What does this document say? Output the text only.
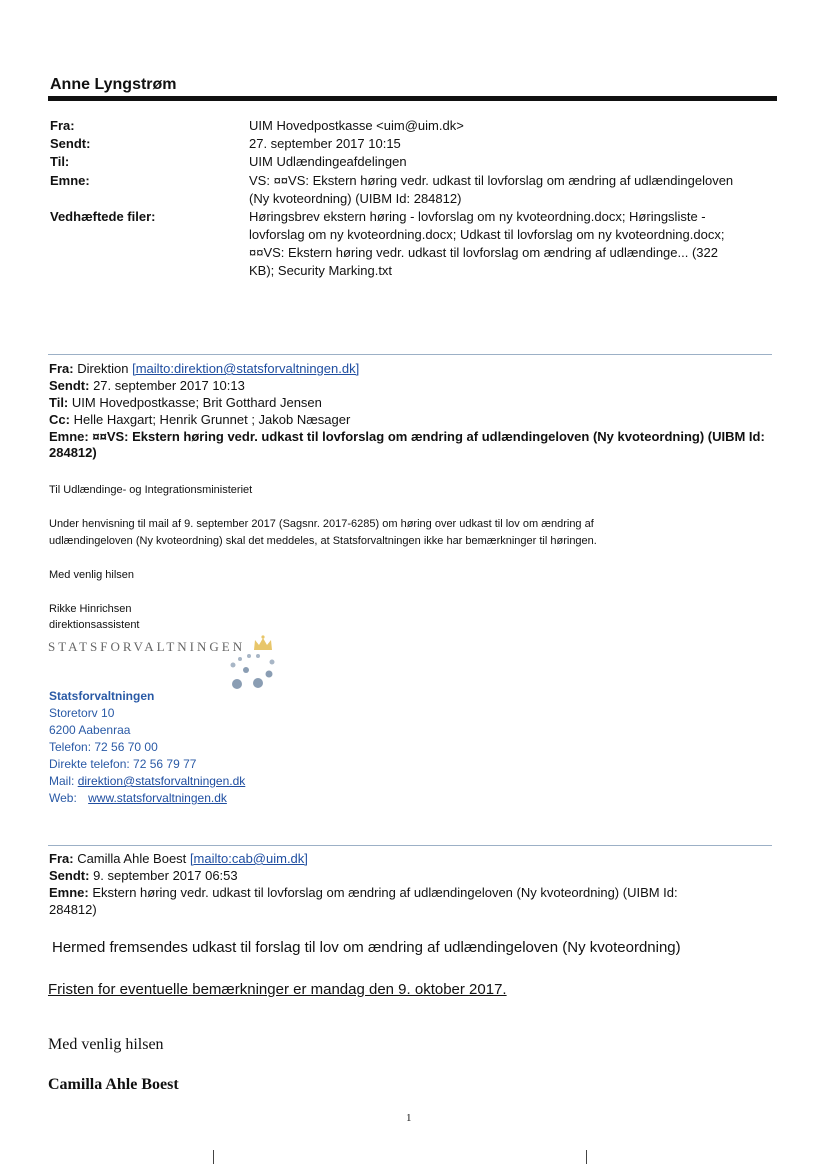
Anne Lyngstrøm
Fra:	UIM Hovedpostkasse <uim@uim.dk>
Sendt:	27. september 2017 10:15
Til:	UIM Udlændingeafdelingen
Emne:	VS: ¤¤VS: Ekstern høring vedr. udkast til lovforslag om ændring af udlændingeloven
(Ny kvoteordning) (UIBM Id: 284812)
Vedhæftede filer:	Høringsbrev ekstern høring - lovforslag om ny kvoteordning.docx; Høringsliste -
lovforslag om ny kvoteordning.docx; Udkast til lovforslag om ny kvoteordning.docx;
¤¤VS: Ekstern høring vedr. udkast til lovforslag om ændring af udlændinge... (322
KB); Security Marking.txt
Fra: Direktion [mailto:direktion@statsforvaltningen.dk]
Sendt: 27. september 2017 10:13
Til: UIM Hovedpostkasse; Brit Gotthard Jensen
Cc: Helle Haxgart; Henrik Grunnet ; Jakob Næsager
Emne: ¤¤VS: Ekstern høring vedr. udkast til lovforslag om ændring af udlændingeloven (Ny kvoteordning) (UIBM Id:
284812)
Til Udlændinge- og Integrationsministeriet
Under henvisning til mail af 9. september 2017 (Sagsnr. 2017-6285) om høring over udkast til lov om ændring af
udlændingeloven (Ny kvoteordning) skal det meddeles, at Statsforvaltningen ikke har bemærkninger til høringen.
Med venlig hilsen
Rikke Hinrichsen
direktionsassistent
STATSFORVALTNINGEN
Statsforvaltningen
Storetorv 10
6200 Aabenraa
Telefon: 72 56 70 00
Direkte telefon: 72 56 79 77
Mail: direktion@statsforvaltningen.dk
Web: www.statsforvaltningen.dk
Fra: Camilla Ahle Boest [mailto:cab@uim.dk]
Sendt: 9. september 2017 06:53
Emne: Ekstern høring vedr. udkast til lovforslag om ændring af udlændingeloven (Ny kvoteordning) (UIBM Id:
284812)
Hermed fremsendes udkast til forslag til lov om ændring af udlændingeloven (Ny kvoteordning)
Fristen for eventuelle bemærkninger er mandag den 9. oktober 2017.
Med venlig hilsen
Camilla Ahle Boest
1
